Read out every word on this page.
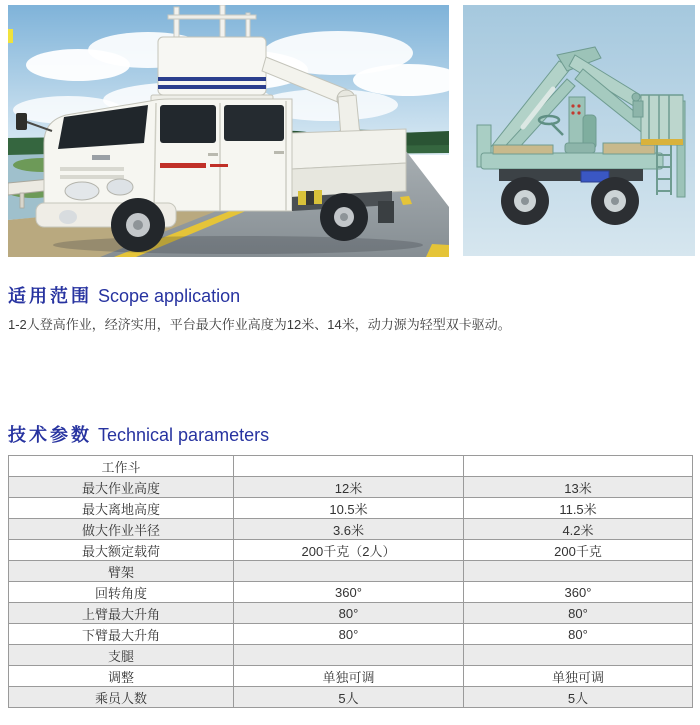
适用范围 Scope application

1-2人登高作业，经济实用，平台最大作业高度为12米、14米，动力源为轻型双卡驱动。

技术参数 Technical parameters
工作斗		
最大作业高度	12米	13米
最大离地高度	10.5米	11.5米
做大作业半径	3.6米	4.2米
最大额定载荷	200千克（2人）	200千克
臂架		
回转角度	360°	360°
上臂最大升角	80°	80°
下臂最大升角	80°	80°
支腿		
调整	单独可调	单独可调
乘员人数	5人	5人
